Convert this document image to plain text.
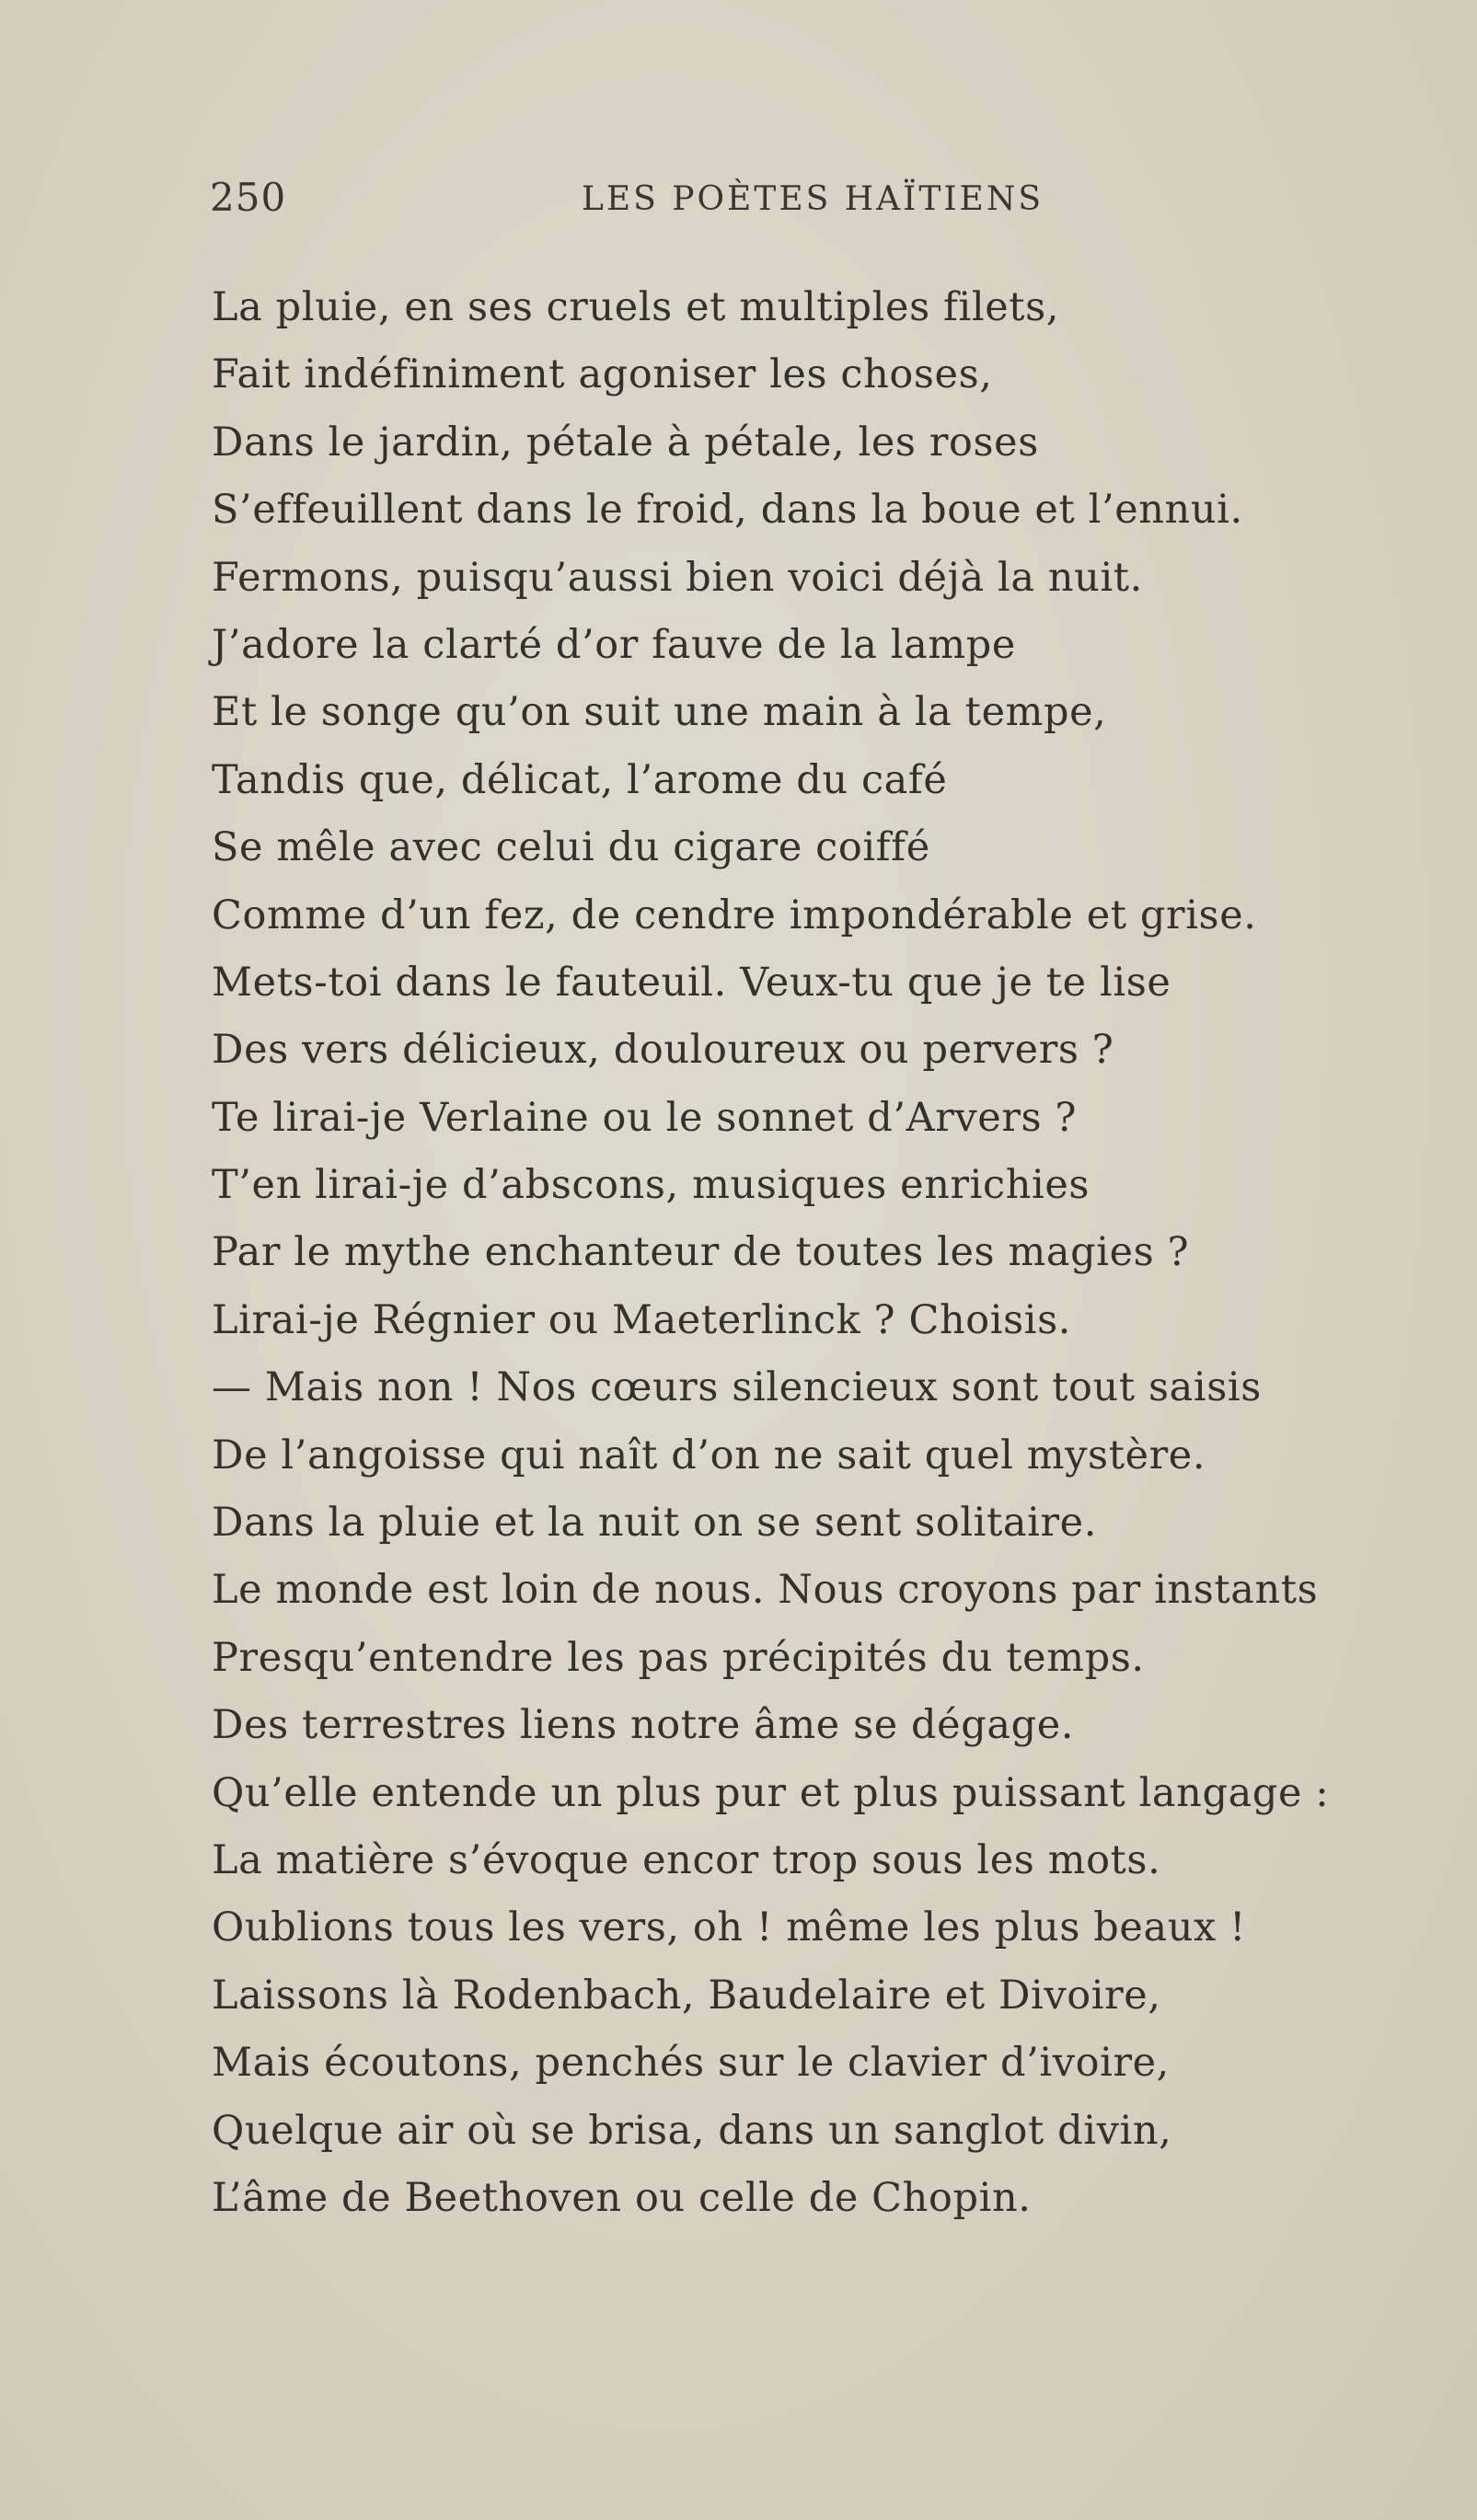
250	LES POÈTES HAÏTIENS
La pluie, en ses cruels et multiples filets,
Fait indéfiniment agoniser les choses,
Dans le jardin, pétale à pétale, les roses
S’effeuillent dans le froid, dans la boue et l’ennui.
Fermons, puisqu’aussi bien voici déjà la nuit.
J’adore la clarté d’or fauve de la lampe
Et le songe qu’on suit une main à la tempe,
Tandis que, délicat, l’arome du café
Se mêle avec celui du cigare coiffé
Comme d’un fez, de cendre impondérable et grise.
Mets-toi dans le fauteuil. Veux-tu que je te lise
Des vers délicieux, douloureux ou pervers ?
Te lirai-je Verlaine ou le sonnet d’Arvers ?
T’en lirai-je d’abscons, musiques enrichies
Par le mythe enchanteur de toutes les magies ?
Lirai-je Régnier ou Maeterlinck ? Choisis.
— Mais non ! Nos cœurs silencieux sont tout saisis
De l’angoisse qui naît d’on ne sait quel mystère.
Dans la pluie et la nuit on se sent solitaire.
Le monde est loin de nous. Nous croyons par instants
Presqu’entendre les pas précipités du temps.
Des terrestres liens notre âme se dégage.
Qu’elle entende un plus pur et plus puissant langage :
La matière s’évoque encor trop sous les mots.
Oublions tous les vers, oh ! même les plus beaux !
Laissons là Rodenbach, Baudelaire et Divoire,
Mais écoutons, penchés sur le clavier d’ivoire,
Quelque air où se brisa, dans un sanglot divin,
L’âme de Beethoven ou celle de Chopin.
